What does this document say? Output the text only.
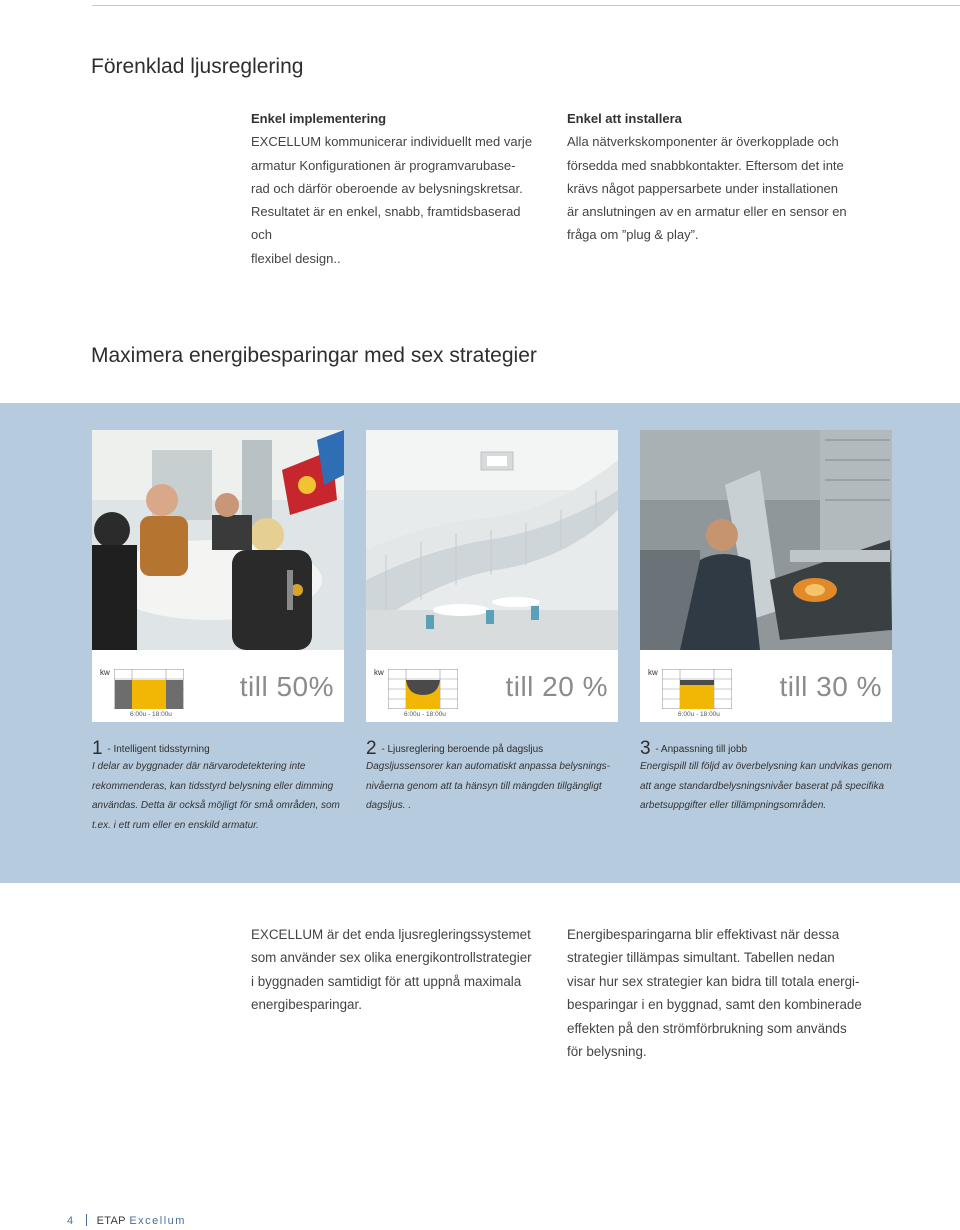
Förenklad ljusreglering
Enkel implementering

EXCELLUM kommunicerar individuellt med varje

armatur Konfigurationen är programvarubase-

rad och därför oberoende av belysningskretsar.

Resultatet är en enkel, snabb, framtidsbaserad och

flexibel design..

Enkel att installera

Alla nätverkskomponenter är överkopplade och

försedda med snabbkontakter. Eftersom det inte

krävs något pappersarbete under installationen

är anslutningen av en armatur eller en sensor en

fråga om ”plug & play”.

Maximera energibesparingar med sex strategier
kw
6:00u - 18:00u
till 50%
1 - Intelligent tidsstyrning
I delar av byggnader där närvarodetektering inte
rekommenderas, kan tidsstyrd belysning eller dimming
användas. Detta är också möjligt för små områden, som
t.ex. i ett rum eller en enskild armatur.
kw
6:00u - 18:00u
till 20 %
2 - Ljusreglering beroende på dagsljus
Dagsljussensorer kan automatiskt anpassa belysnings-
nivåerna genom att ta hänsyn till mängden tillgängligt
dagsljus. .
kw
6:00u - 18:00u
till 30 %
3 - Anpassning till jobb
Energispill till följd av överbelysning kan undvikas genom
att ange standardbelysningsnivåer baserat på specifika
arbetsuppgifter eller tillämpningsområden.
EXCELLUM är det enda ljusregleringssystemet
som använder sex olika energikontrollstrategier
i byggnaden samtidigt för att uppnå maximala
energibesparingar.
Energibesparingarna blir effektivast när dessa
strategier tillämpas simultant. Tabellen nedan
visar hur sex strategier kan bidra till totala energi-
besparingar i en byggnad, samt den kombinerade
effekten på den strömförbrukning som används
för belysning.
4 ETAP Excellum
